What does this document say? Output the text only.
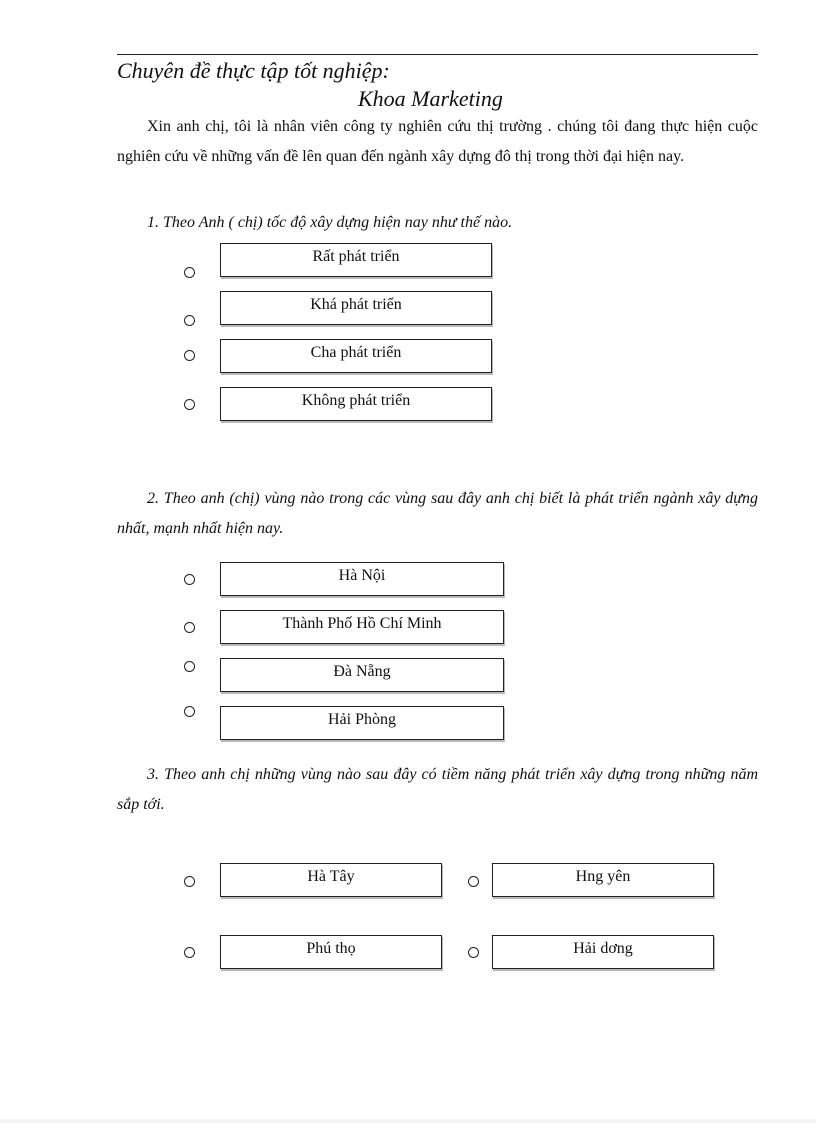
Chuyên đề thực tập tốt nghiệp:
Khoa Marketing
Xin anh chị, tôi là nhân viên công ty nghiên cứu thị trường . chúng tôi đang thực hiện cuộc nghiên cứu về những vấn đề lên quan đến ngành xây dựng đô thị trong thời đại hiện nay.
1. Theo Anh ( chị) tốc độ xây dựng hiện nay như thế nào.
Rất phát triển
Khá phát triển
Cha phát triển
Không phát triển
2. Theo anh (chị) vùng nào trong các vùng sau đây anh chị biết là phát triển ngành xây dựng nhất, mạnh nhất hiện nay.
Hà Nội
Thành Phố Hồ Chí Minh
Đà Nẵng
Hải Phòng
3. Theo anh chị những vùng nào sau đây có tiềm năng phát triển xây dựng trong những năm sắp tới.
Hà Tây	Hng yên
Phú thọ	Hải dơng
